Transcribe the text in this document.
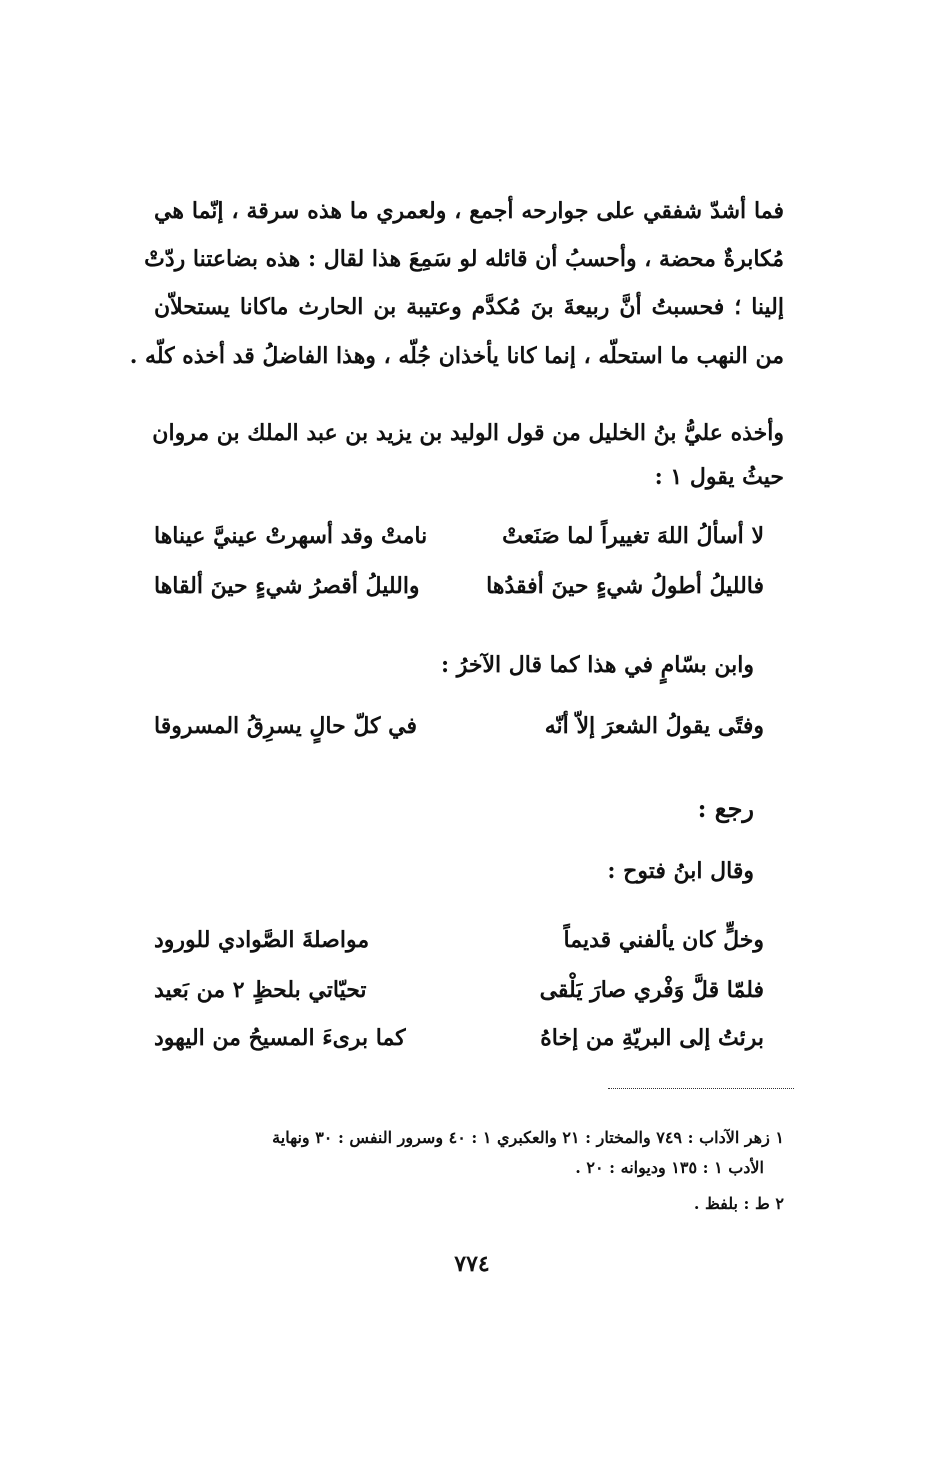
فما أشدّ شفقي على جوارحه أجمع ، ولعمري ما هذه سرقة ، إنّما هي
مُكابرةٌ محضة ، وأحسبُ أن قائله لو سَمِعَ هذا لقال : هذه بضاعتنا ردّتْ
إلينا ؛ فحسبتُ أنَّ ربيعةَ بنَ مُكدَّم وعتيبة بن الحارث ماكانا يستحلاّن
من النهب ما استحلّه ، إنما كانا يأخذان جُلّه ، وهذا الفاضلُ قد أخذه كلّه .
وأخذه عليُّ بنُ الخليل من قول الوليد بن يزيد بن عبد الملك بن مروان
حيثُ يقول ١ :
لا أسألُ اللهَ تغييراً لما صَنَعتْ
نامتْ وقد أسهرتْ عينيَّ عيناها
فالليلُ أطولُ شيءٍ حينَ أفقدُها
والليلُ أقصرُ شيءٍ حينَ ألقاها
وابن بسّامٍ في هذا كما قال الآخرُ :
وفتًى يقولُ الشعرَ إلاّ أنّه
في كلّ حالٍ يسرِقُ المسروقا
رجع :
وقال ابنُ فتوح :
وخلٍّ كان يألفني قديماً
مواصلةَ الصَّوادي للورود
فلمّا قلَّ وَفْري صارَ يَلْقى
تحيّاتي بلحظٍ ٢ من بَعيد
برئتُ إلى البريّةِ من إخاهُ
كما برىءَ المسيحُ من اليهود
١ زهر الآداب : ٧٤٩ والمختار : ٢١ والعكبري ١ : ٤٠ وسرور النفس : ٣٠ ونهاية
الأدب ١ : ١٣٥ وديوانه : ٢٠ .
٢ ط : بلفظ .
٧٧٤
